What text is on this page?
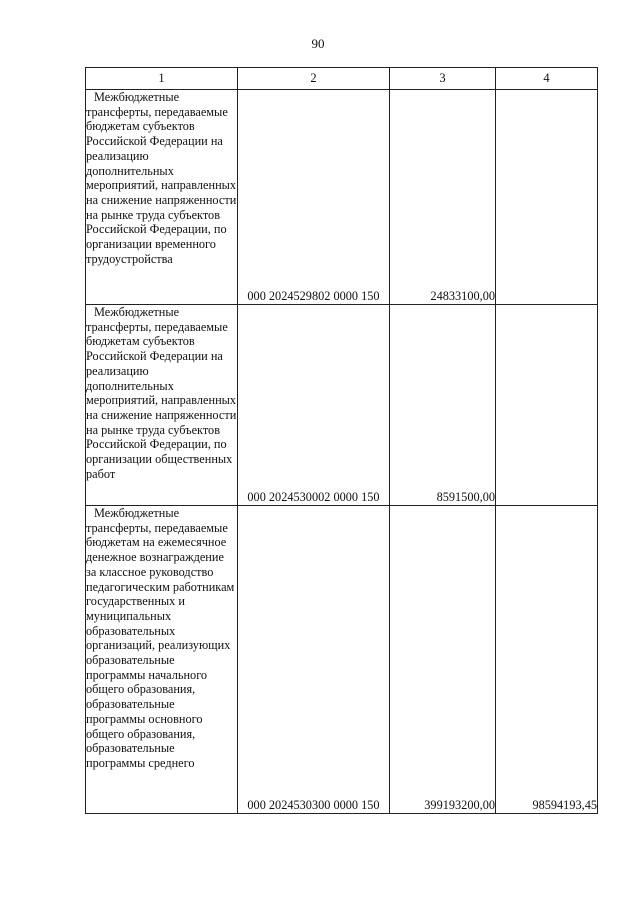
90
1	2	3	4
Межбюджетные трансферты, передаваемые бюджетам субъектов Российской Федерации на реализацию дополнительных мероприятий, направленных на снижение напряженности на рынке труда субъектов Российской Федерации, по организации временного трудоустройства	000 2024529802 0000 150	24833100,00	
Межбюджетные трансферты, передаваемые бюджетам субъектов Российской Федерации на реализацию дополнительных мероприятий, направленных на снижение напряженности на рынке труда субъектов Российской Федерации, по организации общественных работ	000 2024530002 0000 150	8591500,00	
Межбюджетные трансферты, передаваемые бюджетам на ежемесячное денежное вознаграждение за классное руководство педагогическим работникам государственных и муниципальных образовательных организаций, реализующих образовательные программы начального общего образования, образовательные программы основного общего образования, образовательные программы среднего	000 2024530300 0000 150	399193200,00	98594193,45
